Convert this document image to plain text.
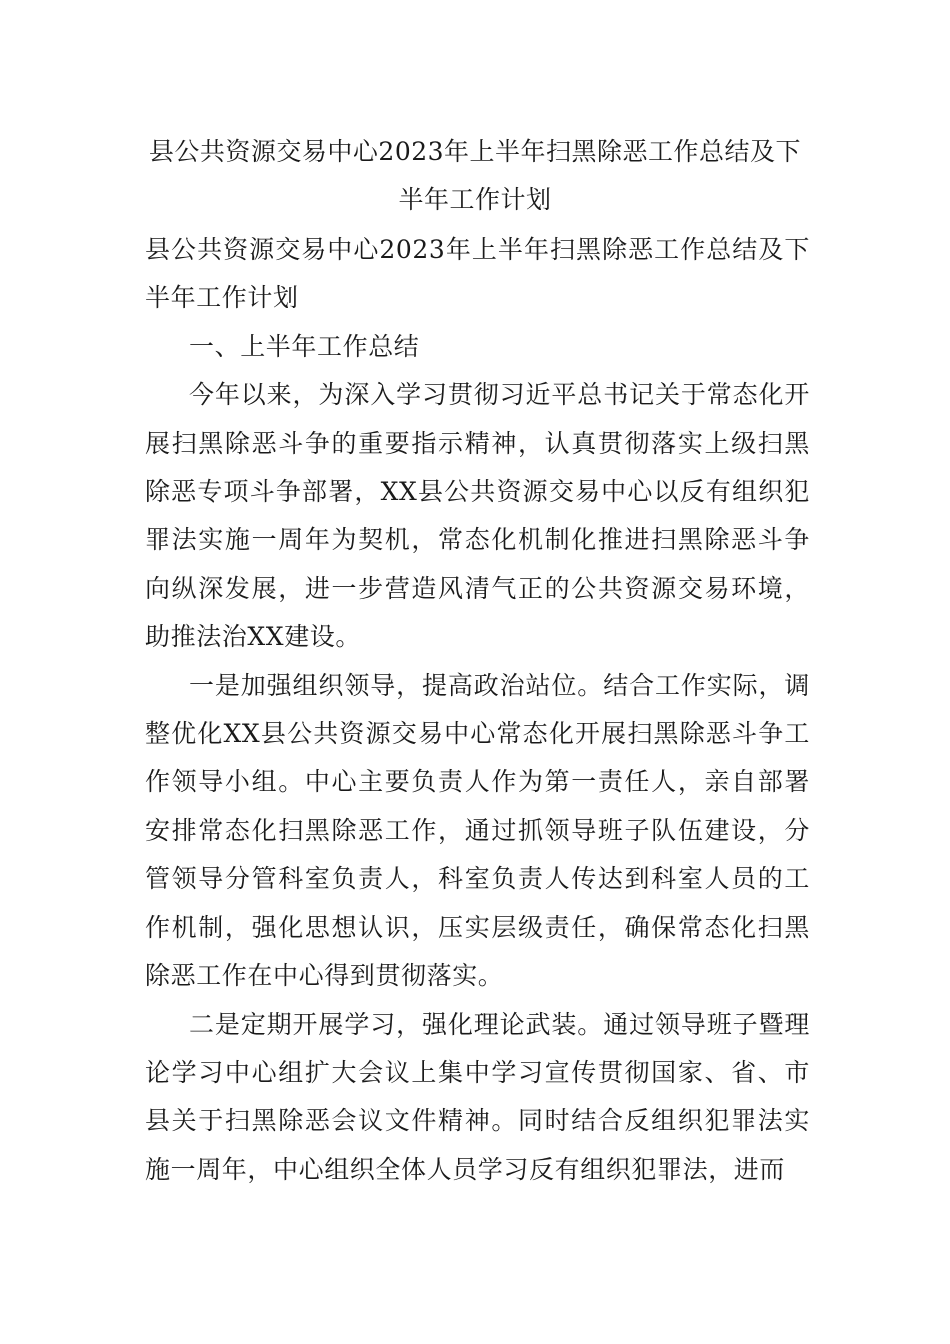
县公共资源交易中心2023年上半年扫黑除恶工作总结及下半年工作计划

县公共资源交易中心2023年上半年扫黑除恶工作总结及下半年工作计划

一、上半年工作总结

今年以来，为深入学习贯彻习近平总书记关于常态化开展扫黑除恶斗争的重要指示精神，认真贯彻落实上级扫黑除恶专项斗争部署，XX县公共资源交易中心以反有组织犯罪法实施一周年为契机，常态化机制化推进扫黑除恶斗争向纵深发展，进一步营造风清气正的公共资源交易环境，助推法治XX建设。

一是加强组织领导，提高政治站位。结合工作实际，调整优化XX县公共资源交易中心常态化开展扫黑除恶斗争工作领导小组。中心主要负责人作为第一责任人，亲自部署安排常态化扫黑除恶工作，通过抓领导班子队伍建设，分管领导分管科室负责人，科室负责人传达到科室人员的工作机制，强化思想认识，压实层级责任，确保常态化扫黑除恶工作在中心得到贯彻落实。

二是定期开展学习，强化理论武装。通过领导班子暨理论学习中心组扩大会议上集中学习宣传贯彻国家、省、市县关于扫黑除恶会议文件精神。同时结合反组织犯罪法实施一周年，中心组织全体人员学习反有组织犯罪法，进而
